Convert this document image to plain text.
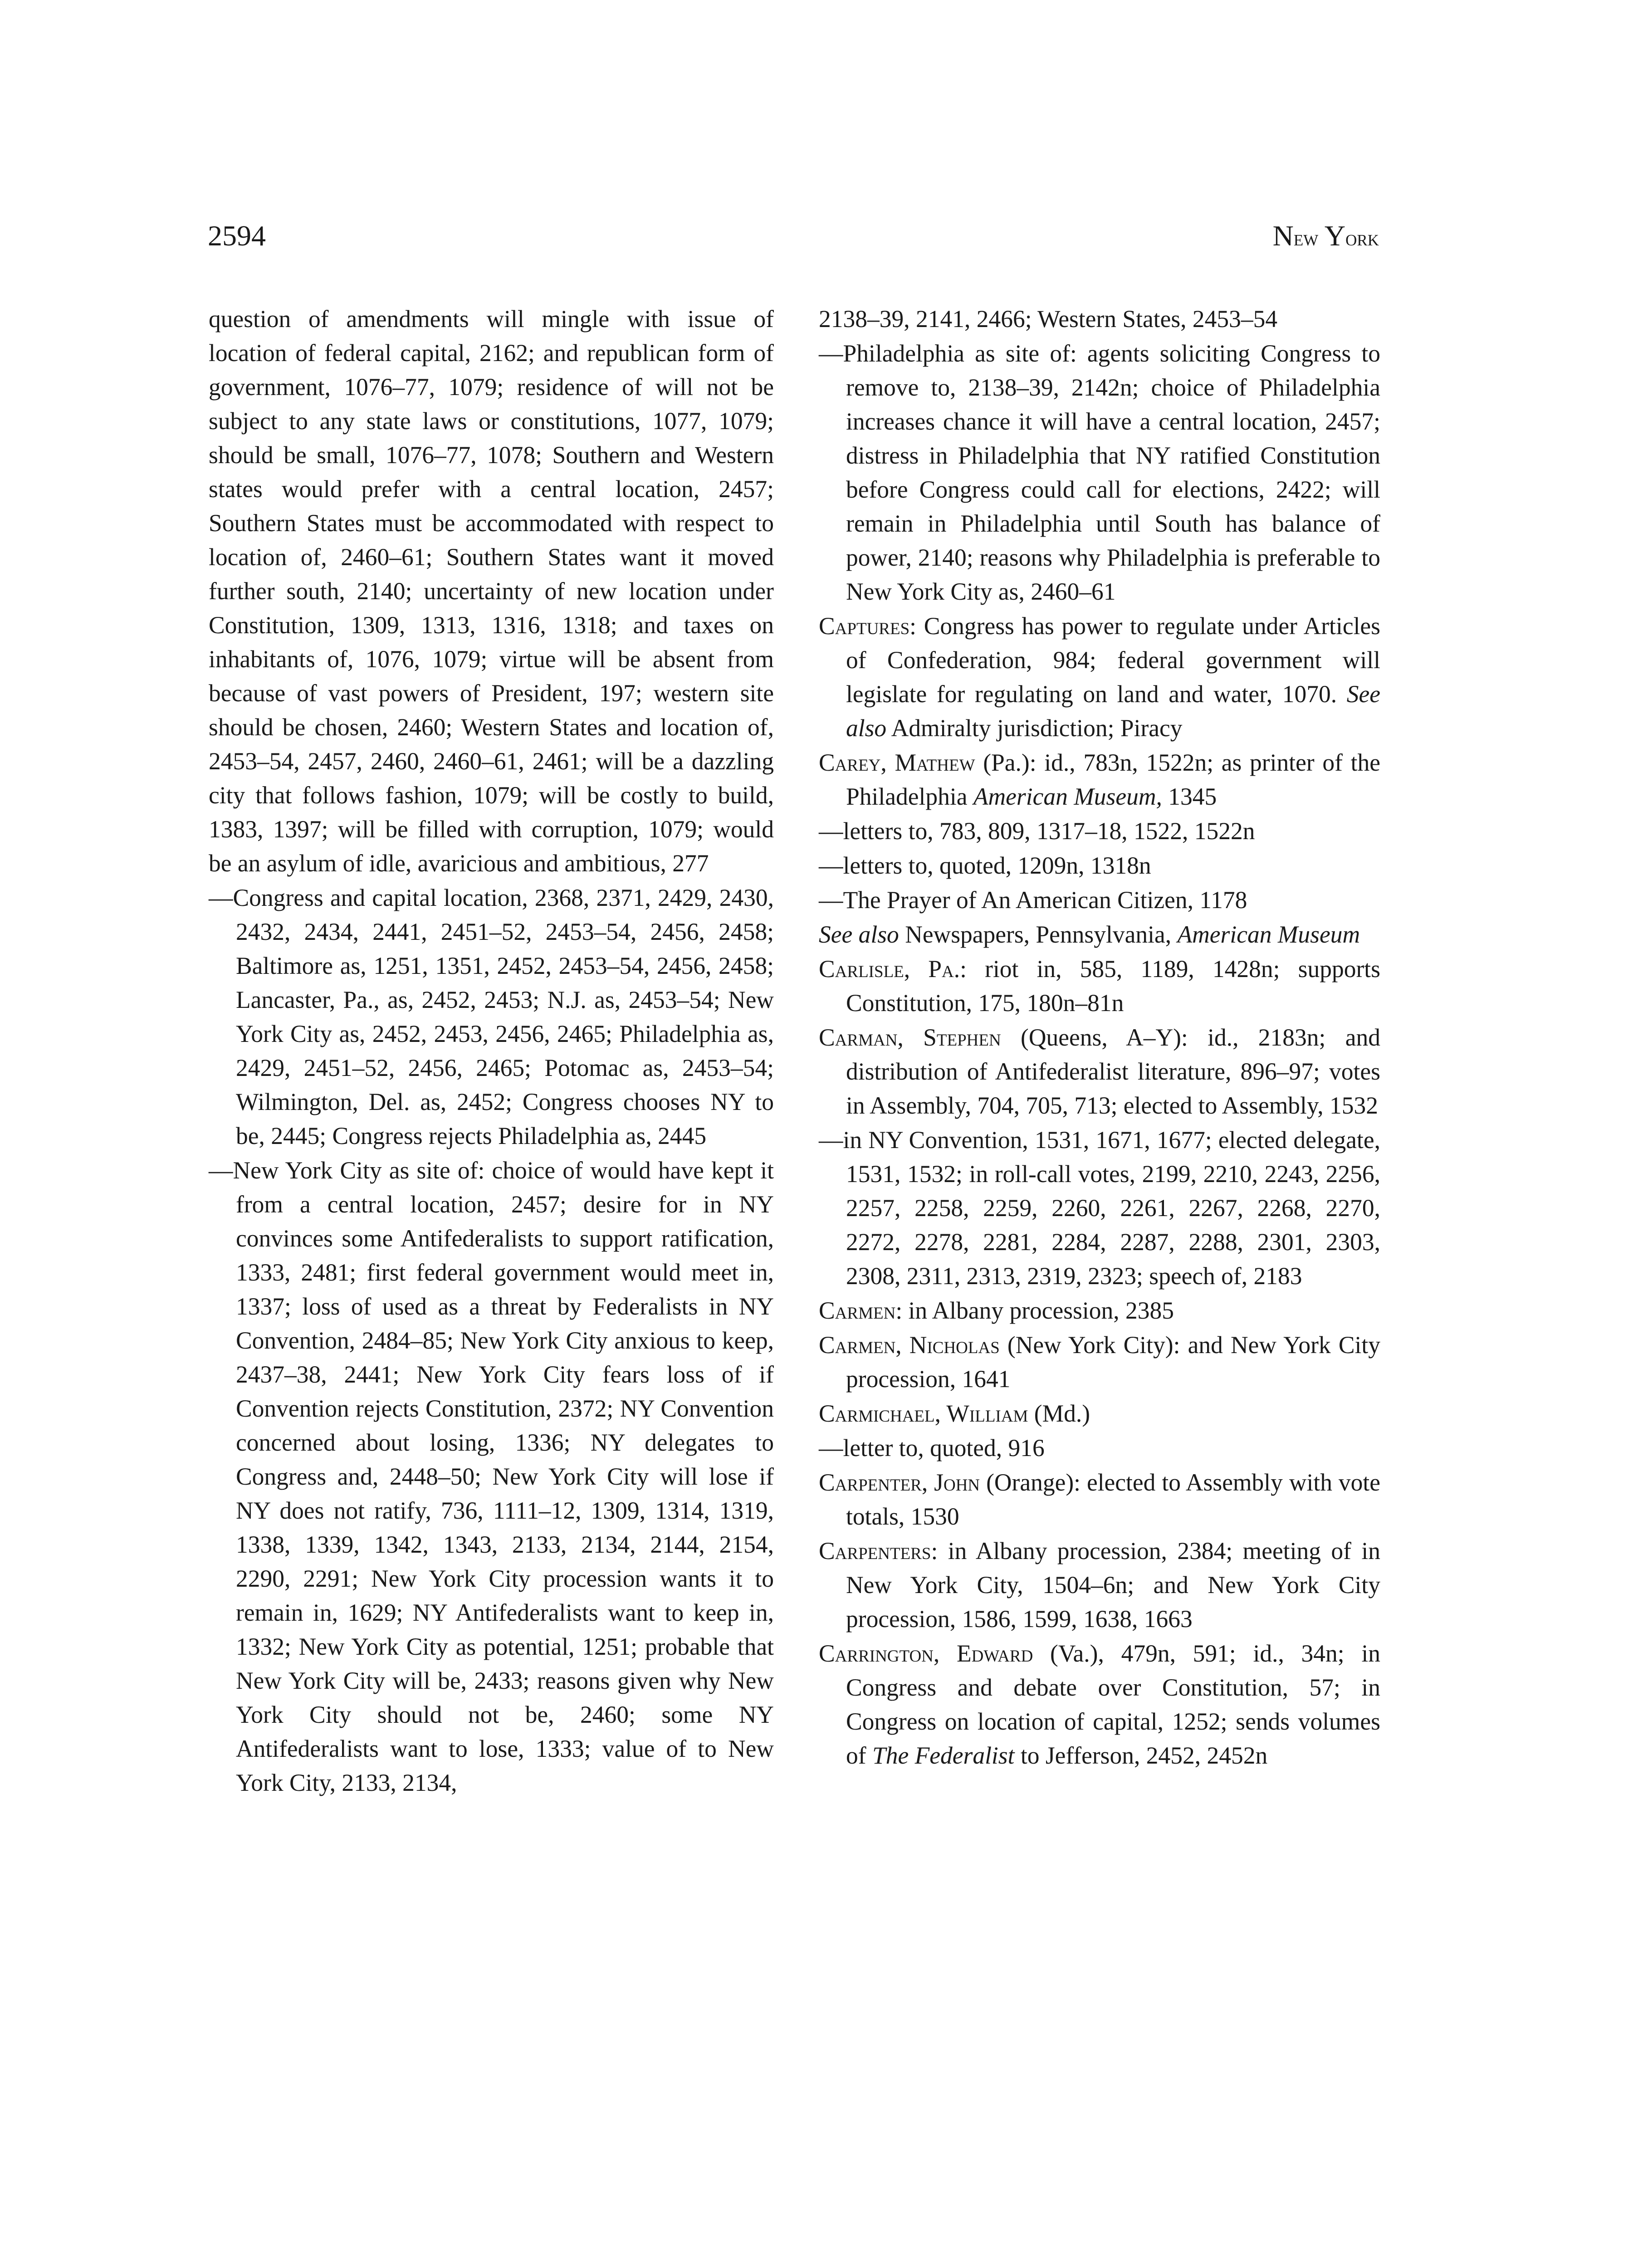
2594	New York
question of amendments will mingle with issue of location of federal capital, 2162; and republican form of government, 1076–77, 1079; residence of will not be subject to any state laws or constitutions, 1077, 1079; should be small, 1076–77, 1078; Southern and Western states would prefer with a central location, 2457; Southern States must be accommodated with respect to location of, 2460–61; Southern States want it moved further south, 2140; uncertainty of new location under Constitution, 1309, 1313, 1316, 1318; and taxes on inhabitants of, 1076, 1079; virtue will be absent from because of vast powers of President, 197; western site should be chosen, 2460; Western States and location of, 2453–54, 2457, 2460, 2460–61, 2461; will be a dazzling city that follows fashion, 1079; will be costly to build, 1383, 1397; will be filled with corruption, 1079; would be an asylum of idle, avaricious and ambitious, 277
—Congress and capital location, 2368, 2371, 2429, 2430, 2432, 2434, 2441, 2451–52, 2453–54, 2456, 2458; Baltimore as, 1251, 1351, 2452, 2453–54, 2456, 2458; Lancaster, Pa., as, 2452, 2453; N.J. as, 2453–54; New York City as, 2452, 2453, 2456, 2465; Philadelphia as, 2429, 2451–52, 2456, 2465; Potomac as, 2453–54; Wilmington, Del. as, 2452; Congress chooses NY to be, 2445; Congress rejects Philadelphia as, 2445
—New York City as site of: choice of would have kept it from a central location, 2457; desire for in NY convinces some Antifederalists to support ratification, 1333, 2481; first federal government would meet in, 1337; loss of used as a threat by Federalists in NY Convention, 2484–85; New York City anxious to keep, 2437–38, 2441; New York City fears loss of if Convention rejects Constitution, 2372; NY Convention concerned about losing, 1336; NY delegates to Congress and, 2448–50; New York City will lose if NY does not ratify, 736, 1111–12, 1309, 1314, 1319, 1338, 1339, 1342, 1343, 2133, 2134, 2144, 2154, 2290, 2291; New York City procession wants it to remain in, 1629; NY Antifederalists want to keep in, 1332; New York City as potential, 1251; probable that New York City will be, 2433; reasons given why New York City should not be, 2460; some NY Antifederalists want to lose, 1333; value of to New York City, 2133, 2134,
2138–39, 2141, 2466; Western States, 2453–54
—Philadelphia as site of: agents soliciting Congress to remove to, 2138–39, 2142n; choice of Philadelphia increases chance it will have a central location, 2457; distress in Philadelphia that NY ratified Constitution before Congress could call for elections, 2422; will remain in Philadelphia until South has balance of power, 2140; reasons why Philadelphia is preferable to New York City as, 2460–61
Captures: Congress has power to regulate under Articles of Confederation, 984; federal government will legislate for regulating on land and water, 1070. See also Admiralty jurisdiction; Piracy
Carey, Mathew (Pa.): id., 783n, 1522n; as printer of the Philadelphia American Museum, 1345
—letters to, 783, 809, 1317–18, 1522, 1522n
—letters to, quoted, 1209n, 1318n
—The Prayer of An American Citizen, 1178
See also Newspapers, Pennsylvania, American Museum
Carlisle, Pa.: riot in, 585, 1189, 1428n; supports Constitution, 175, 180n–81n
Carman, Stephen (Queens, A–Y): id., 2183n; and distribution of Antifederalist literature, 896–97; votes in Assembly, 704, 705, 713; elected to Assembly, 1532
—in NY Convention, 1531, 1671, 1677; elected delegate, 1531, 1532; in roll-call votes, 2199, 2210, 2243, 2256, 2257, 2258, 2259, 2260, 2261, 2267, 2268, 2270, 2272, 2278, 2281, 2284, 2287, 2288, 2301, 2303, 2308, 2311, 2313, 2319, 2323; speech of, 2183
Carmen: in Albany procession, 2385
Carmen, Nicholas (New York City): and New York City procession, 1641
Carmichael, William (Md.)
—letter to, quoted, 916
Carpenter, John (Orange): elected to Assembly with vote totals, 1530
Carpenters: in Albany procession, 2384; meeting of in New York City, 1504–6n; and New York City procession, 1586, 1599, 1638, 1663
Carrington, Edward (Va.), 479n, 591; id., 34n; in Congress and debate over Constitution, 57; in Congress on location of capital, 1252; sends volumes of The Federalist to Jefferson, 2452, 2452n
